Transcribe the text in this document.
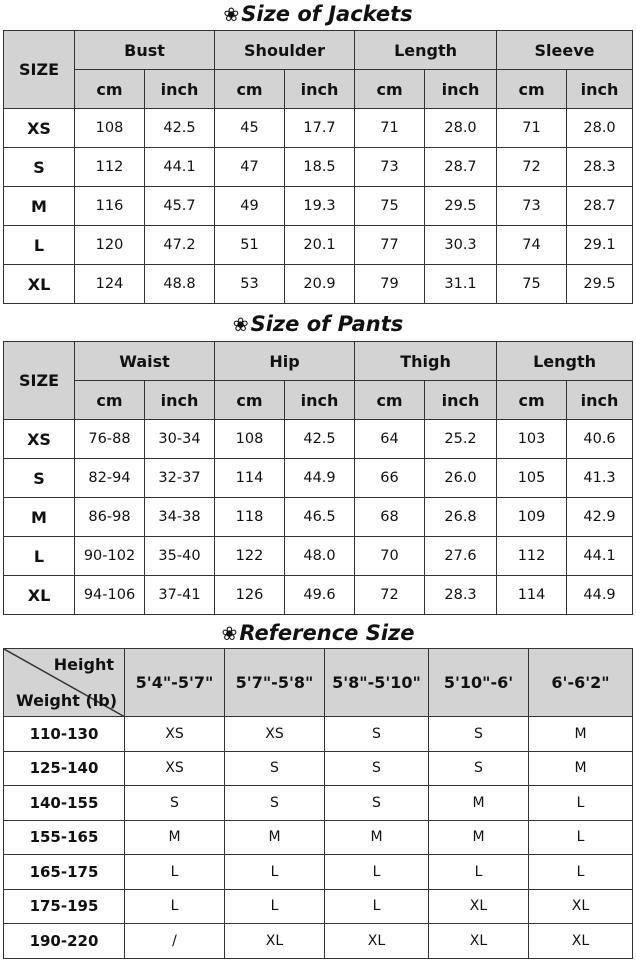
❀Size of Jackets
SIZE	Bust		Shoulder		Length		Sleeve	
	cm	inch	cm	inch	cm	inch	cm	inch
XS	108	42.5	45	17.7	71	28.0	71	28.0
S	112	44.1	47	18.5	73	28.7	72	28.3
M	116	45.7	49	19.3	75	29.5	73	28.7
L	120	47.2	51	20.1	77	30.3	74	29.1
XL	124	48.8	53	20.9	79	31.1	75	29.5
❀Size of Pants
SIZE	Waist		Hip		Thigh		Length	
	cm	inch	cm	inch	cm	inch	cm	inch
XS	76-88	30-34	108	42.5	64	25.2	103	40.6
S	82-94	32-37	114	44.9	66	26.0	105	41.3
M	86-98	34-38	118	46.5	68	26.8	109	42.9
L	90-102	35-40	122	48.0	70	27.6	112	44.1
XL	94-106	37-41	126	49.6	72	28.3	114	44.9
❀Reference Size
Height
Weight (lb)	5'4"-5'7"	5'7"-5'8"	5'8"-5'10"	5'10"-6'	6'-6'2"
110-130	XS	XS	S	S	M
125-140	XS	S	S	S	M
140-155	S	S	S	M	L
155-165	M	M	M	M	L
165-175	L	L	L	L	L
175-195	L	L	L	XL	XL
190-220	/	XL	XL	XL	XL
